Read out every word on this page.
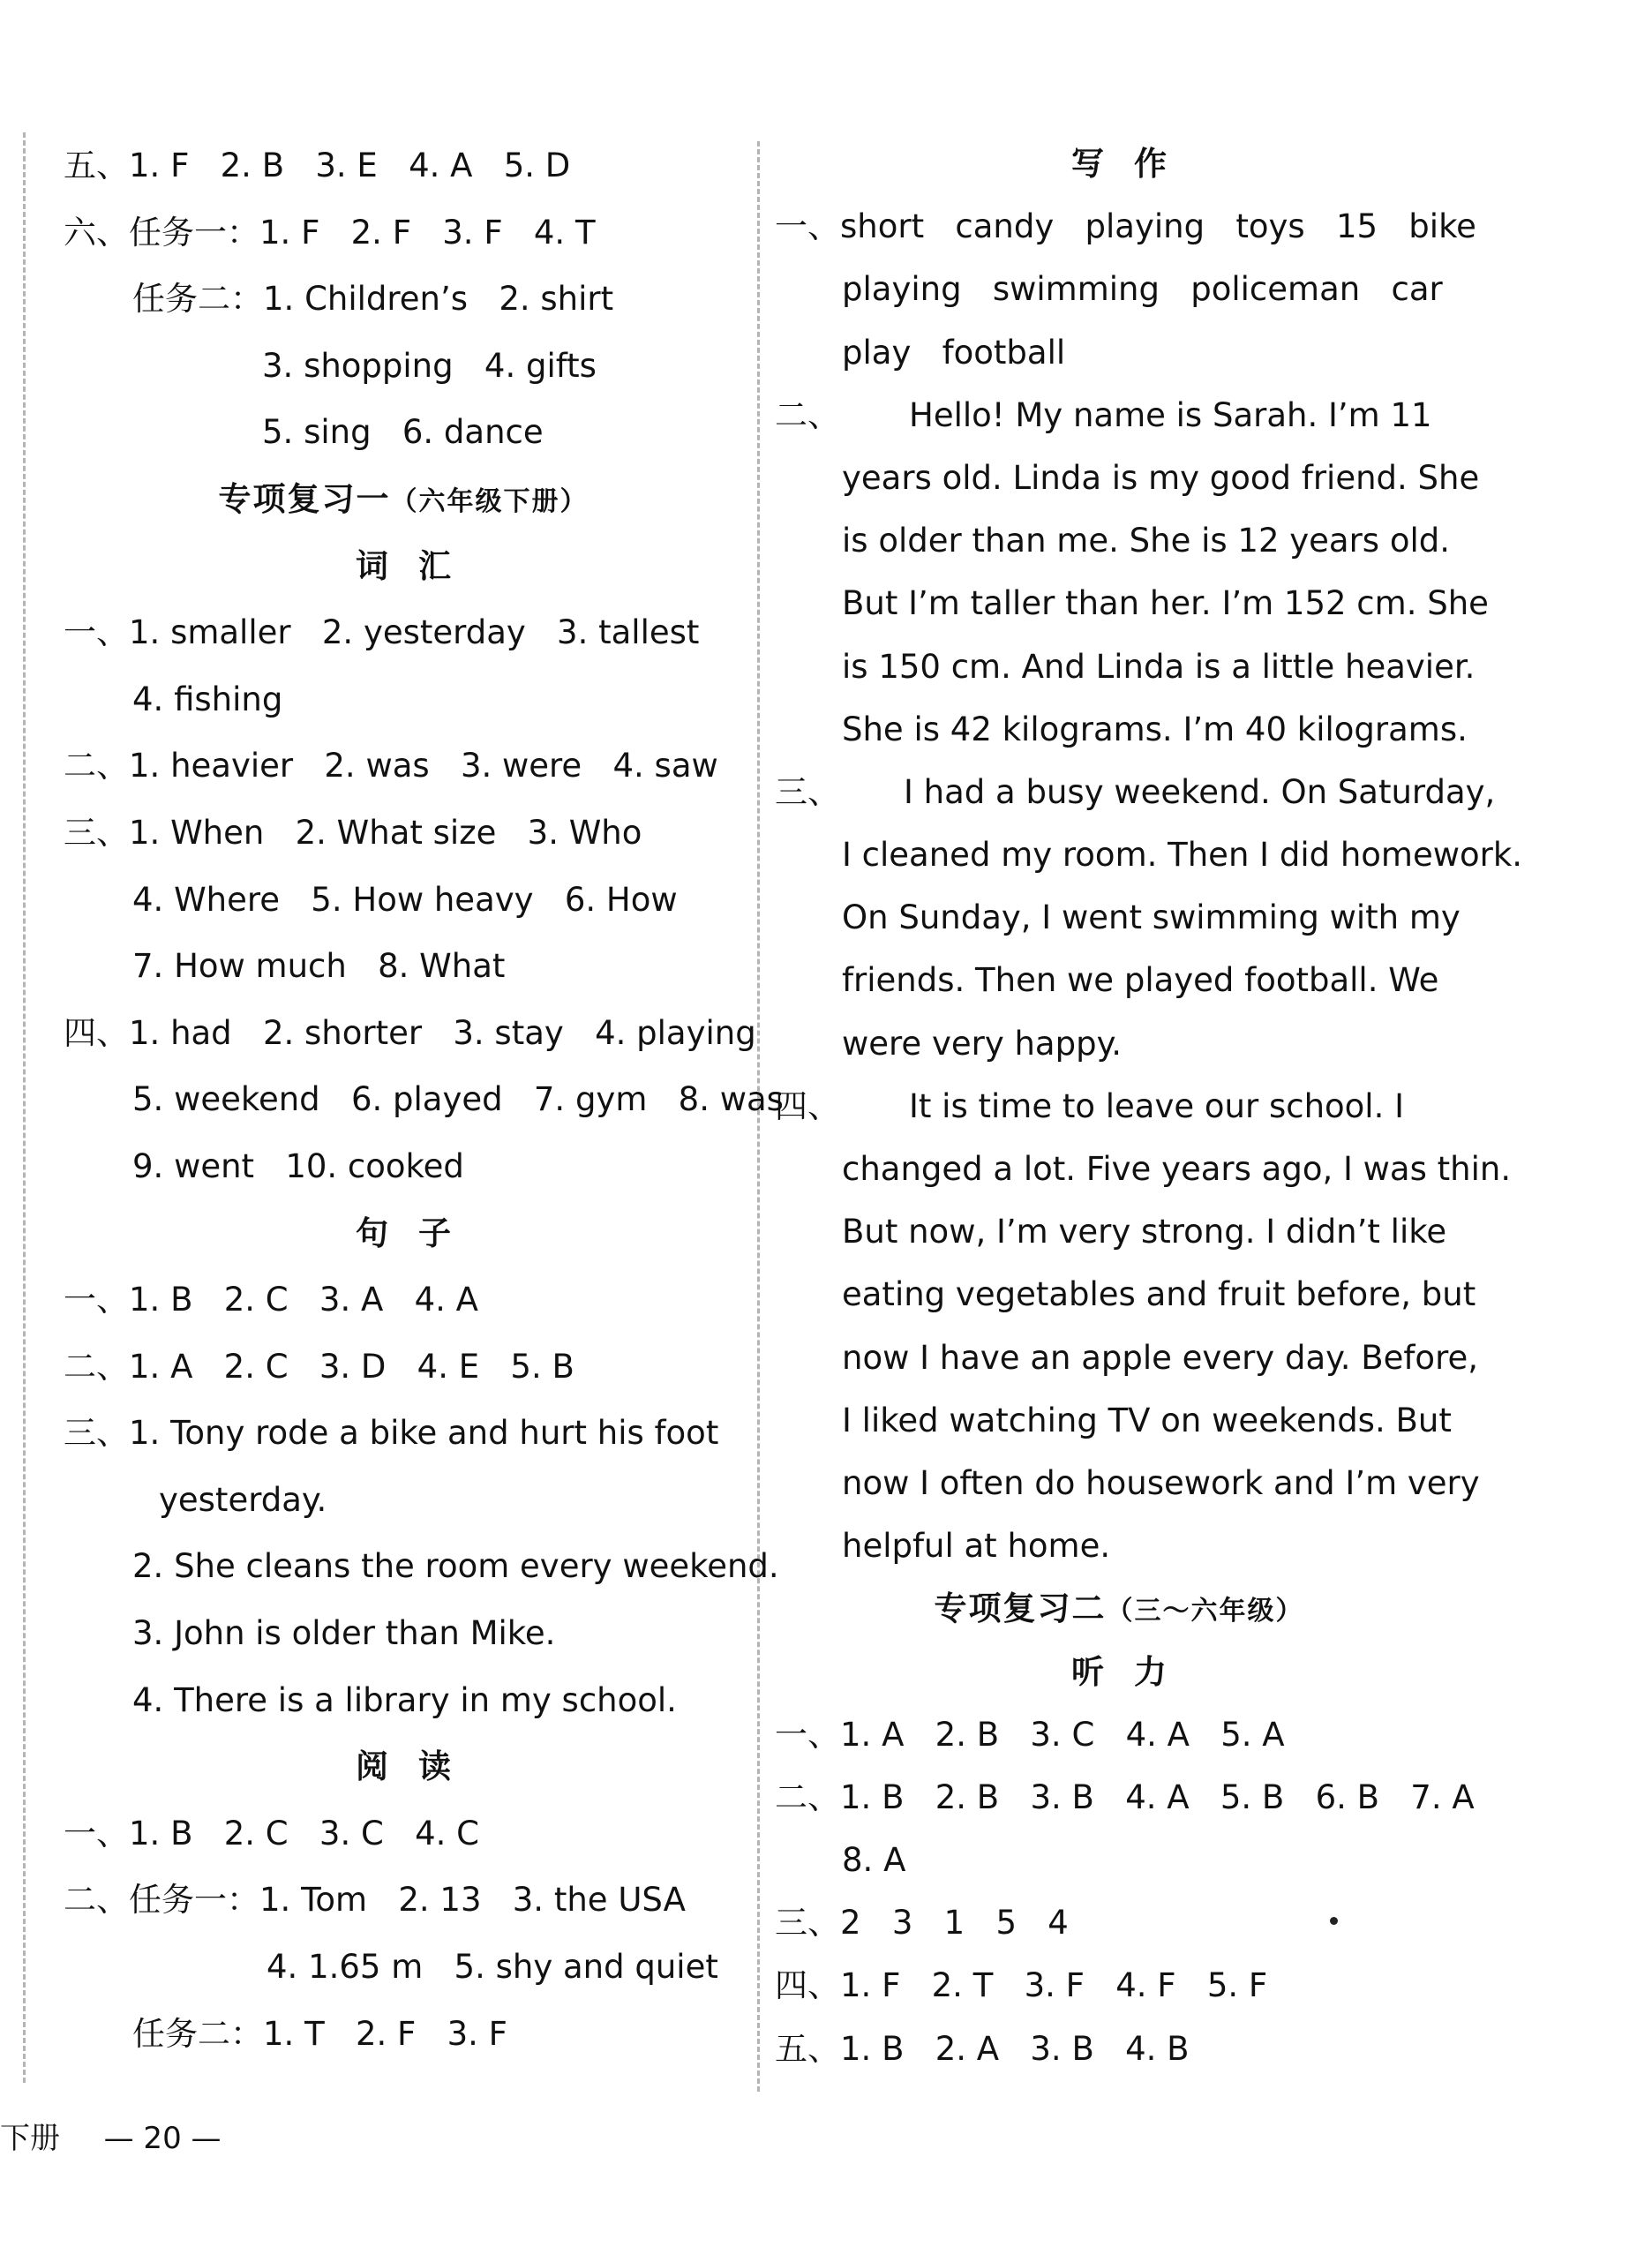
五、1. F   2. B   3. E   4. A   5. D
六、任务一：1. F   2. F   3. F   4. T
任务二：1. Children’s   2. shirt
3. shopping   4. gifts
5. sing   6. dance
专项复习一（六年级下册）
词汇
一、1. smaller   2. yesterday   3. tallest
4. fishing
二、1. heavier   2. was   3. were   4. saw
三、1. When   2. What size   3. Who
4. Where   5. How heavy   6. How
7. How much   8. What
四、1. had   2. shorter   3. stay   4. playing
5. weekend   6. played   7. gym   8. was
9. went   10. cooked
句子
一、1. B   2. C   3. A   4. A
二、1. A   2. C   3. D   4. E   5. B
三、1. Tony rode a bike and hurt his foot
yesterday.
2. She cleans the room every weekend.
3. John is older than Mike.
4. There is a library in my school.
阅读
一、1. B   2. C   3. C   4. C
二、任务一：1. Tom   2. 13   3. the USA
4. 1.65 m   5. shy and quiet
任务二：1. T   2. F   3. F
写作
一、short   candy   playing   toys   15   bike
playing   swimming   policeman   car
play   football
二、 Hello! My name is Sarah. I’m 11
years old. Linda is my good friend. She
is older than me. She is 12 years old.
But I’m taller than her. I’m 152 cm. She
is 150 cm. And Linda is a little heavier.
She is 42 kilograms. I’m 40 kilograms.
三、 I had a busy weekend. On Saturday,
I cleaned my room. Then I did homework.
On Sunday, I went swimming with my
friends. Then we played football. We
were very happy.
四、 It is time to leave our school. I
changed a lot. Five years ago, I was thin.
But now, I’m very strong. I didn’t like
eating vegetables and fruit before, but
now I have an apple every day. Before,
I liked watching TV on weekends. But
now I often do housework and I’m very
helpful at home.
专项复习二（三～六年级）
听力
一、1. A   2. B   3. C   4. A   5. A
二、1. B   2. B   3. B   4. A   5. B   6. B   7. A
8. A
三、2   3   1   5   4
四、1. F   2. T   3. F   4. F   5. F
五、1. B   2. A   3. B   4. B
下册 — 20 —
